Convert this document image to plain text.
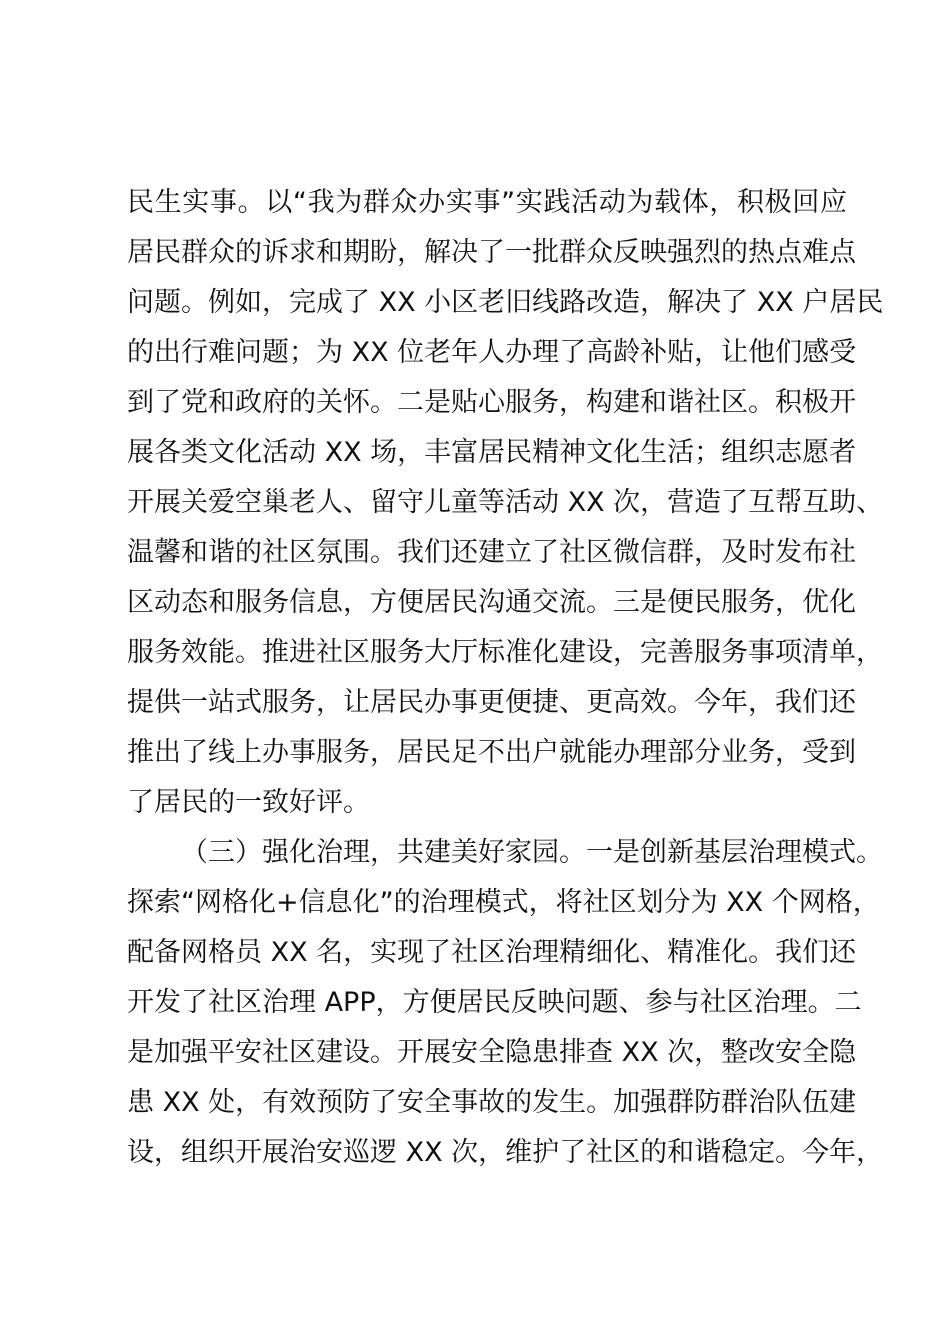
民生实事。以“我为群众办实事”实践活动为载体，积极回应
居民群众的诉求和期盼，解决了一批群众反映强烈的热点难点
问题。例如，完成了 XX 小区老旧线路改造，解决了 XX 户居民
的出行难问题；为 XX 位老年人办理了高龄补贴，让他们感受
到了党和政府的关怀。二是贴心服务，构建和谐社区。积极开
展各类文化活动 XX 场，丰富居民精神文化生活；组织志愿者
开展关爱空巢老人、留守儿童等活动 XX 次，营造了互帮互助、
温馨和谐的社区氛围。我们还建立了社区微信群，及时发布社
区动态和服务信息，方便居民沟通交流。三是便民服务，优化
服务效能。推进社区服务大厅标准化建设，完善服务事项清单，
提供一站式服务，让居民办事更便捷、更高效。今年，我们还
推出了线上办事服务，居民足不出户就能办理部分业务，受到
了居民的一致好评。
（三）强化治理，共建美好家园。一是创新基层治理模式。
探索“网格化+信息化”的治理模式，将社区划分为 XX 个网格，
配备网格员 XX 名，实现了社区治理精细化、精准化。我们还
开发了社区治理 APP，方便居民反映问题、参与社区治理。二
是加强平安社区建设。开展安全隐患排查 XX 次，整改安全隐
患 XX 处，有效预防了安全事故的发生。加强群防群治队伍建
设，组织开展治安巡逻 XX 次，维护了社区的和谐稳定。今年，
